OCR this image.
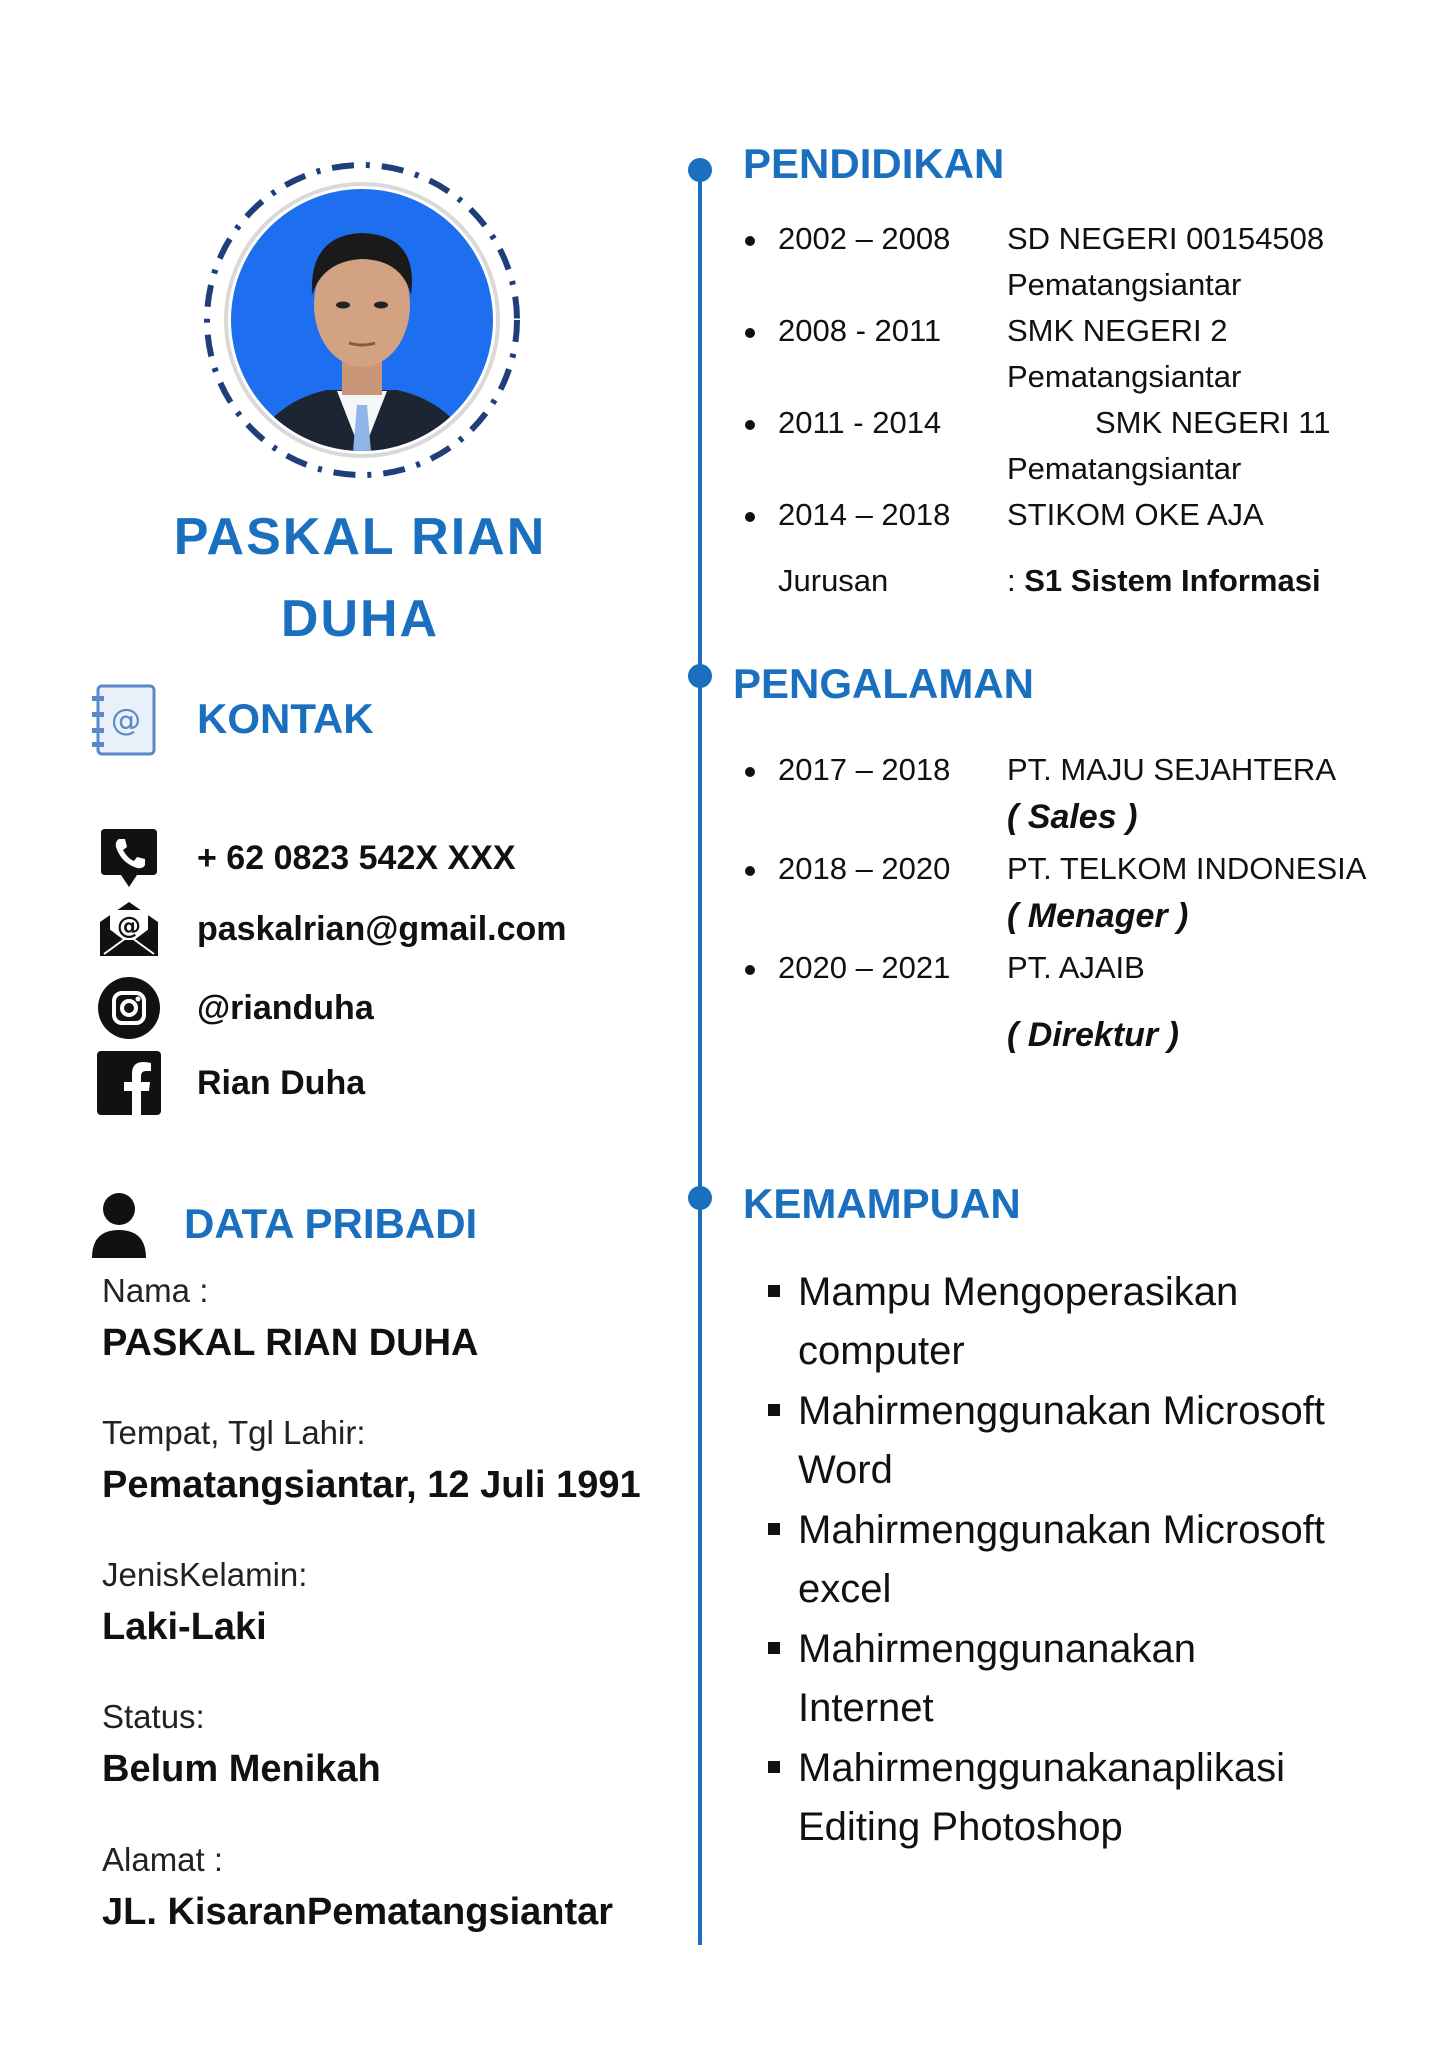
PASKAL RIAN
DUHA
@ KONTAK
+ 62 0823 542X XXX
@ paskalrian@gmail.com
@rianduha
Rian Duha
DATA PRIBADI
Nama :
PASKAL RIAN DUHA
Tempat, Tgl Lahir:
Pematangsiantar, 12 Juli 1991
JenisKelamin:
Laki-Laki
Status:
Belum Menikah
Alamat :
JL. KisaranPematangsiantar
PENDIDIKAN
2002 – 2008 SD NEGERI 00154508
Pematangsiantar
2008 - 2011 SMK NEGERI 2
Pematangsiantar
2011 - 2014	SMK NEGERI 11
Pematangsiantar
2014 – 2018 STIKOM OKE AJA
Jurusan	: S1 Sistem Informasi
PENGALAMAN
2017 – 2018 PT. MAJU SEJAHTERA
( Sales )
2018 – 2020 PT. TELKOM INDONESIA
( Menager )
2020 – 2021 PT. AJAIB
( Direktur )
KEMAMPUAN
Mampu Mengoperasikan
computer
Mahirmenggunakan Microsoft
Word
Mahirmenggunakan Microsoft
excel
Mahirmenggunanakan
Internet
Mahirmenggunakanaplikasi
Editing Photoshop
